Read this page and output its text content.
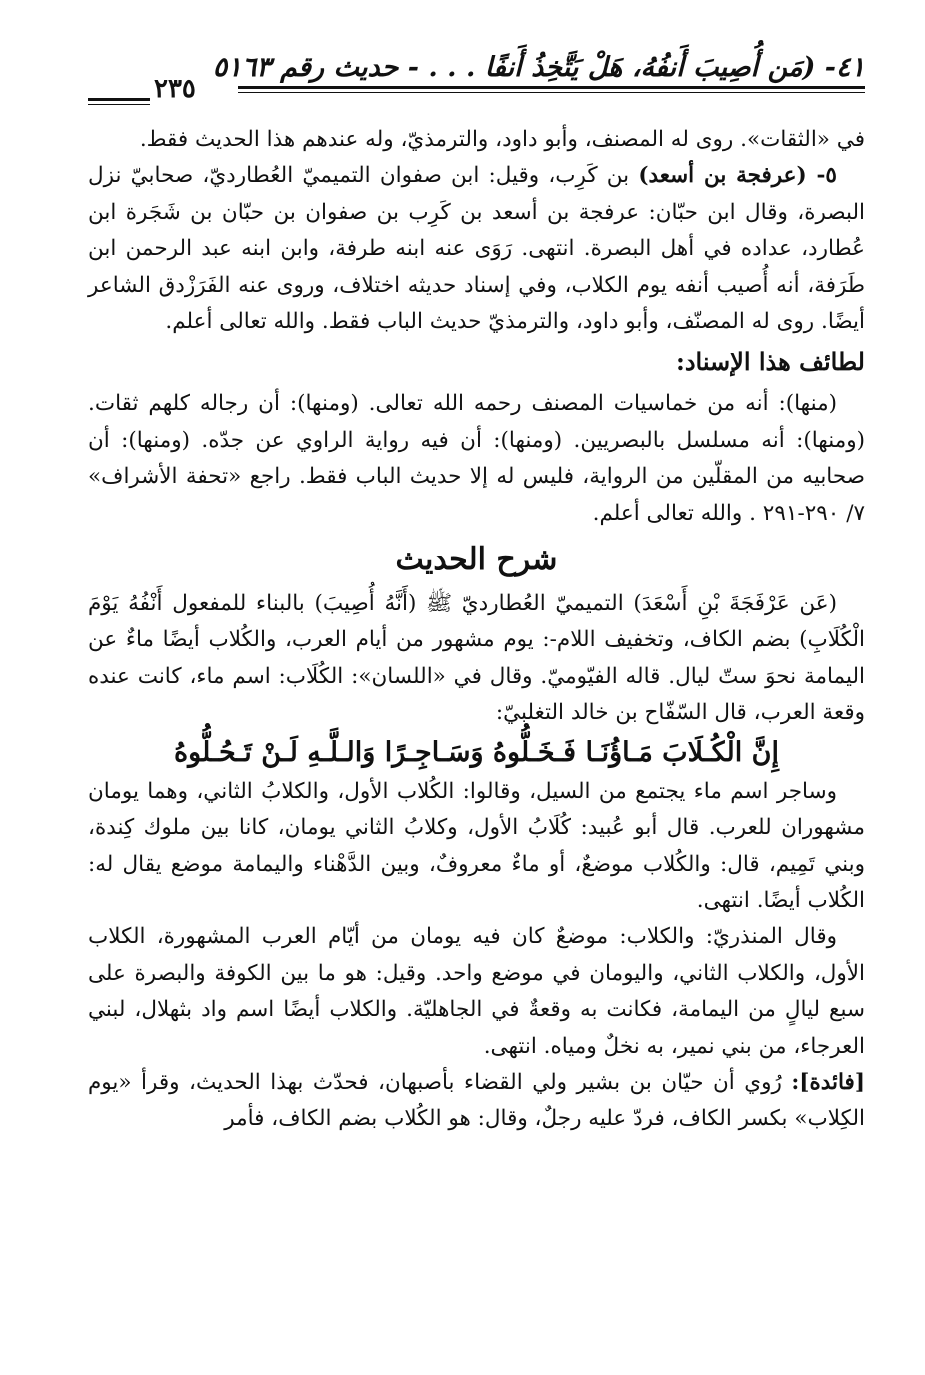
٤١- (مَن أُصِيبَ أَنفُهُ، هَلْ يَتَّخِذُ أَنفًا . . . - حديث رقم ٥١٦٣
٢٣٥

في «الثقات». روى له المصنف، وأبو داود، والترمذيّ، وله عندهم هذا الحديث فقط.

٥- (عرفجة بن أسعد) بن كَرِب، وقيل: ابن صفوان التميميّ العُطارديّ، صحابيّ نزل البصرة، وقال ابن حبّان: عرفجة بن أسعد بن كَرِب بن صفوان بن حبّان بن شَجَرة ابن عُطارد، عداده في أهل البصرة. انتهى. رَوَى عنه ابنه طرفة، وابن ابنه عبد الرحمن ابن طَرَفة، أنه أُصيب أنفه يوم الكلاب، وفي إسناد حديثه اختلاف، وروى عنه الفَرَزْدق الشاعر أيضًا. روى له المصنّف، وأبو داود، والترمذيّ حديث الباب فقط. والله تعالى أعلم.

لطائف هذا الإسناد:

(منها): أنه من خماسيات المصنف رحمه الله تعالى. (ومنها): أن رجاله كلهم ثقات. (ومنها): أنه مسلسل بالبصريين. (ومنها): أن فيه رواية الراوي عن جدّه. (ومنها): أن صحابيه من المقلّين من الرواية، فليس له إلا حديث الباب فقط. راجع «تحفة الأشراف» ٧/ ٢٩٠-٢٩١ . والله تعالى أعلم.

شرح الحديث

(عَن عَرْفَجَةَ بْنِ أَسْعَدَ) التميميّ العُطارديّ ﷺ (أَنَّهُ أُصِيبَ) بالبناء للمفعول أَنْفُهُ يَوْمَ الْكُلَابِ) بضم الكاف، وتخفيف اللام-: يوم مشهور من أيام العرب، والكُلاب أيضًا ماءٌ عن اليمامة نحوَ ستّ ليال. قاله الفيّوميّ. وقال في «اللسان»: الكُلَاب: اسم ماء، كانت عنده وقعة العرب، قال السّفّاح بن خالد التغلبيّ:

إِنَّ الْكُـلَابَ مَـاؤُنَـا فَـخَـلُّوهُ وَسَـاجِـرًا وَالـلَّـهِ لَـنْ تَـحُـلُّوهُ

وساجر اسم ماء يجتمع من السيل، وقالوا: الكُلاب الأول، والكلابُ الثاني، وهما يومان مشهوران للعرب. قال أبو عُبيد: كُلَابُ الأول، وكلابُ الثاني يومان، كانا بين ملوك كِندة، وبني تَمِيم، قال: والكُلاب موضعٌ، أو ماءٌ معروفٌ، وبين الدَّهْناء واليمامة موضع يقال له: الكُلاب أيضًا. انتهى.

وقال المنذريّ: والكلاب: موضعٌ كان فيه يومان من أيّام العرب المشهورة، الكلاب الأول، والكلاب الثاني، واليومان في موضع واحد. وقيل: هو ما بين الكوفة والبصرة على سبع ليالٍ من اليمامة، فكانت به وقعةٌ في الجاهليّة. والكلاب أيضًا اسم واد بثهلال، لبني العرجاء، من بني نمير، به نخلٌ ومياه. انتهى.

[فائدة]: رُوي أن حيّان بن بشير ولي القضاء بأصبهان، فحدّث بهذا الحديث، وقرأ «يوم الكِلاب» بكسر الكاف، فردّ عليه رجلٌ، وقال: هو الكُلاب بضم الكاف، فأمر
